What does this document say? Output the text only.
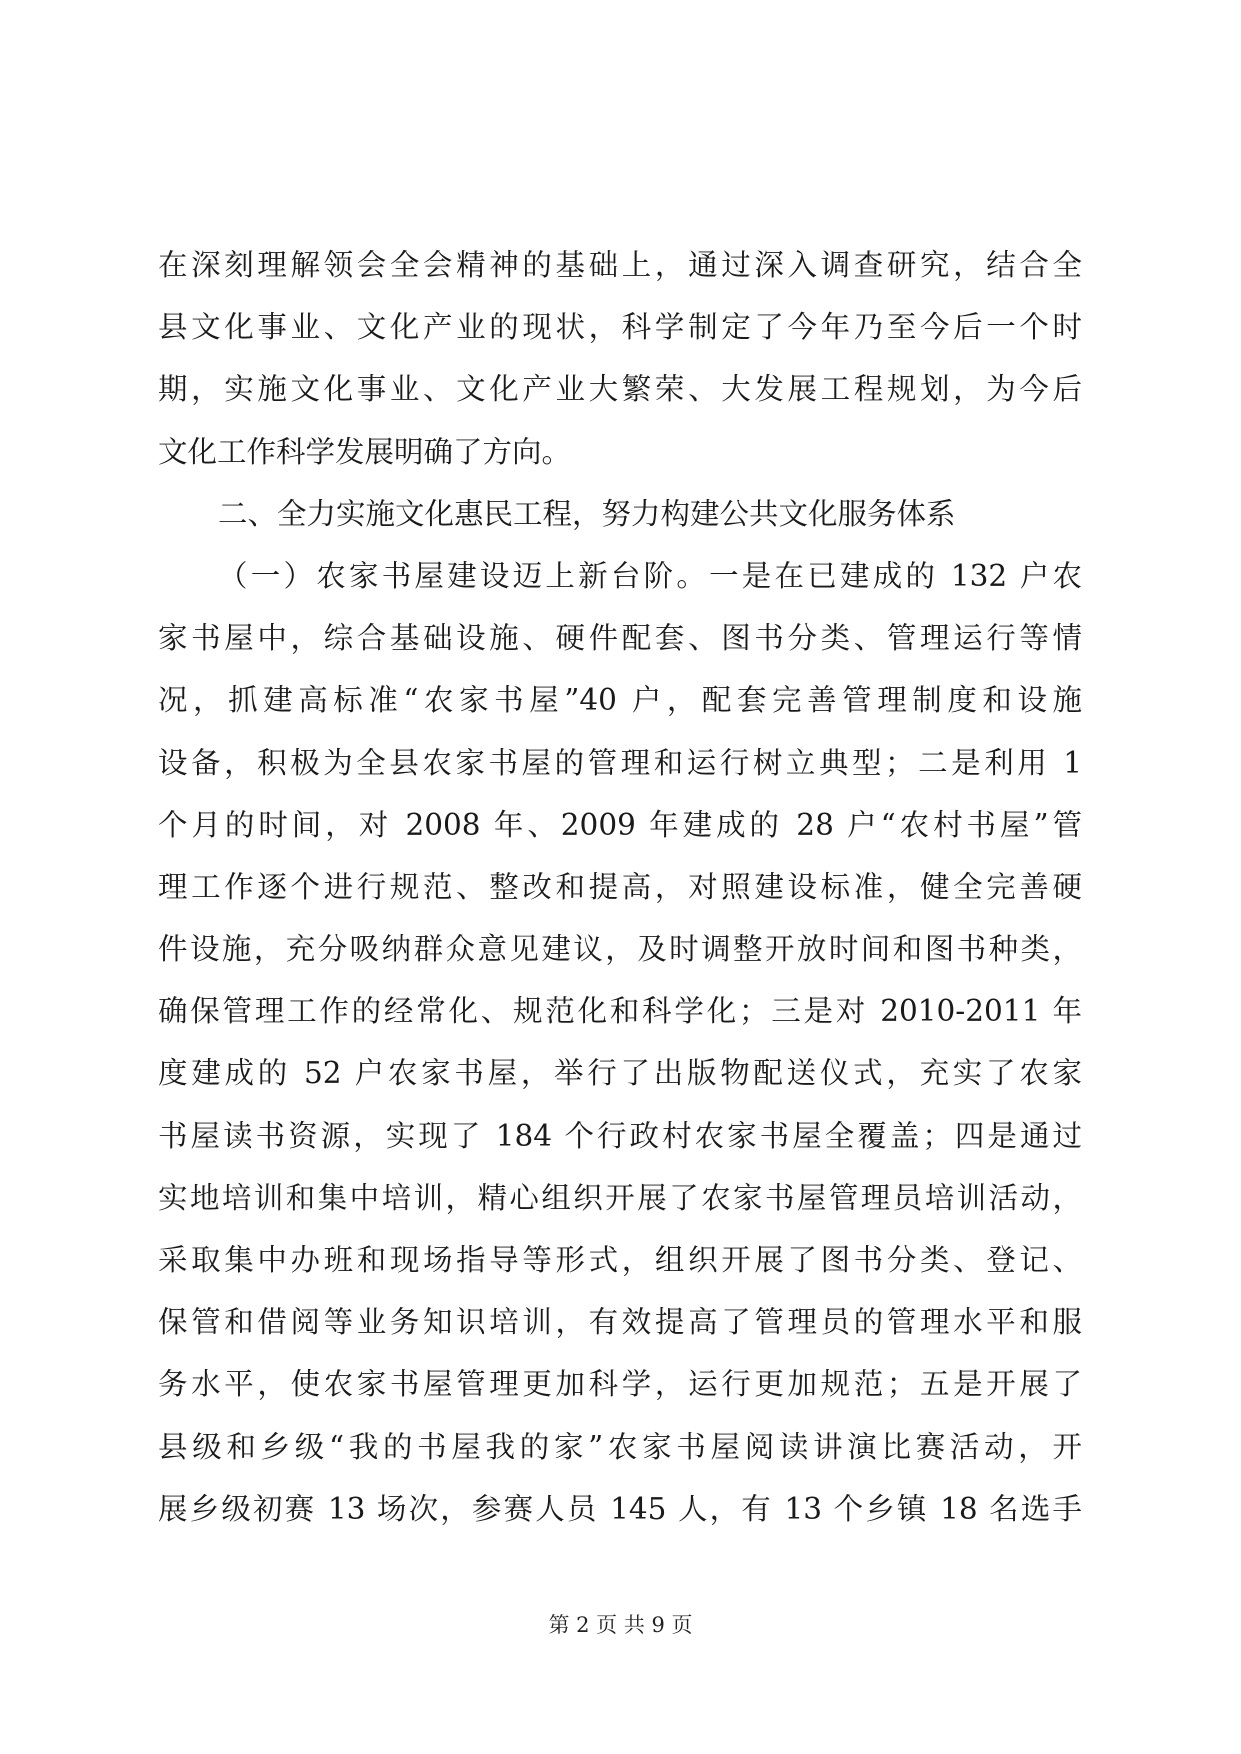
在深刻理解领会全会精神的基础上，通过深入调查研究，结合全
县文化事业、文化产业的现状，科学制定了今年乃至今后一个时
期，实施文化事业、文化产业大繁荣、大发展工程规划，为今后
文化工作科学发展明确了方向。
二、全力实施文化惠民工程，努力构建公共文化服务体系
（一）农家书屋建设迈上新台阶。一是在已建成的 132 户农
家书屋中，综合基础设施、硬件配套、图书分类、管理运行等情
况，抓建高标准“农家书屋”40 户，配套完善管理制度和设施
设备，积极为全县农家书屋的管理和运行树立典型；二是利用 1
个月的时间，对 2008 年、2009 年建成的 28 户“农村书屋”管
理工作逐个进行规范、整改和提高，对照建设标准，健全完善硬
件设施，充分吸纳群众意见建议，及时调整开放时间和图书种类，
确保管理工作的经常化、规范化和科学化；三是对 2010-2011 年
度建成的 52 户农家书屋，举行了出版物配送仪式，充实了农家
书屋读书资源，实现了 184 个行政村农家书屋全覆盖；四是通过
实地培训和集中培训，精心组织开展了农家书屋管理员培训活动，
采取集中办班和现场指导等形式，组织开展了图书分类、登记、
保管和借阅等业务知识培训，有效提高了管理员的管理水平和服
务水平，使农家书屋管理更加科学，运行更加规范；五是开展了
县级和乡级“我的书屋我的家”农家书屋阅读讲演比赛活动，开
展乡级初赛 13 场次，参赛人员 145 人，有 13 个乡镇 18 名选手
第 2 页 共 9 页
